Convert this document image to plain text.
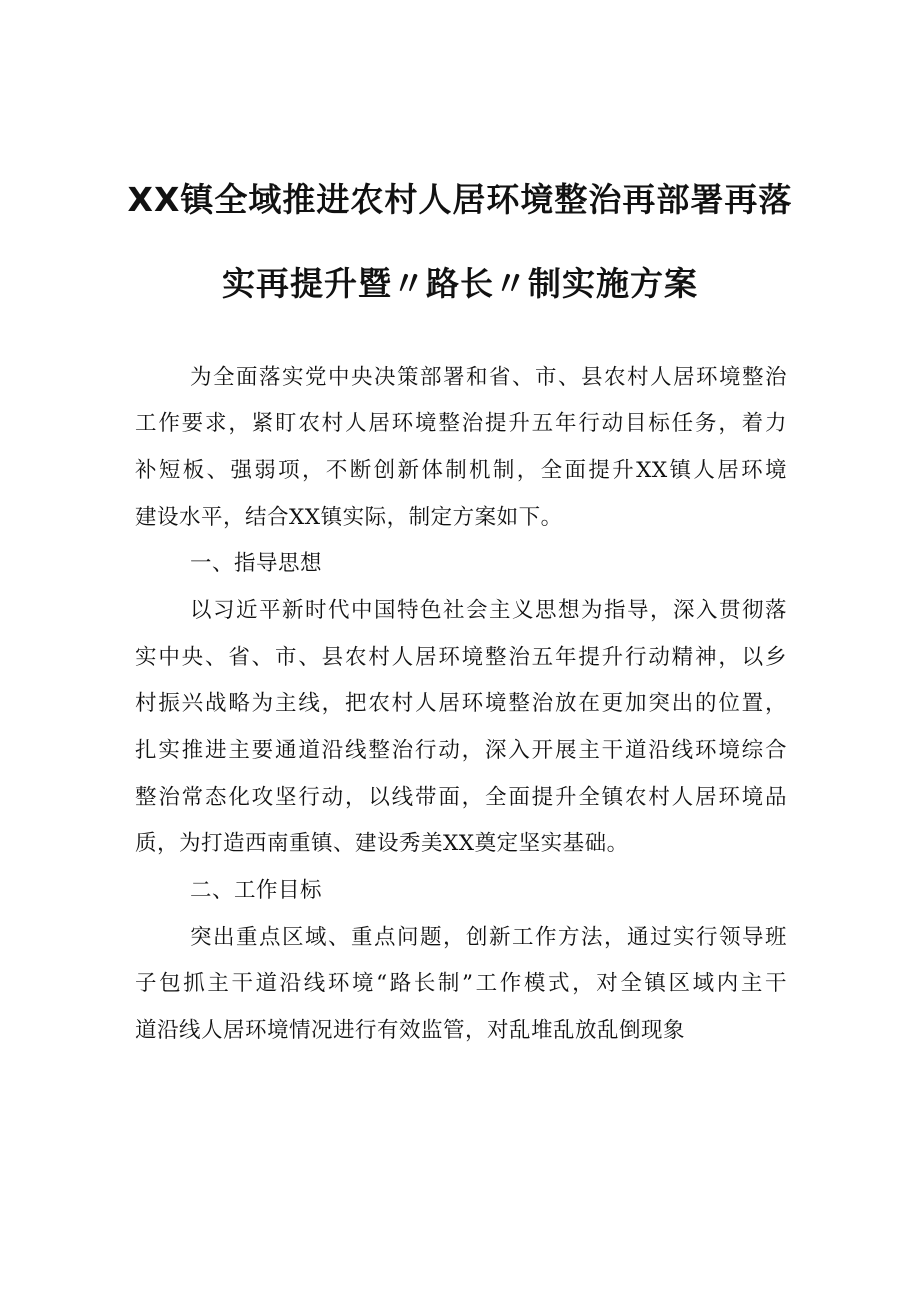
XX镇全域推进农村人居环境整治再部署再落
实再提升暨〃路长〃制实施方案

为全面落实党中央决策部署和省、市、县农村人居环境整治

工作要求，紧盯农村人居环境整治提升五年行动目标任务，着力

补短板、强弱项，不断创新体制机制，全面提升XX镇人居环境

建设水平，结合XX镇实际，制定方案如下。

一、指导思想

以习近平新时代中国特色社会主义思想为指导，深入贯彻落

实中央、省、市、县农村人居环境整治五年提升行动精神，以乡

村振兴战略为主线，把农村人居环境整治放在更加突出的位置，

扎实推进主要通道沿线整治行动，深入开展主干道沿线环境综合

整治常态化攻坚行动，以线带面，全面提升全镇农村人居环境品

质，为打造西南重镇、建设秀美XX奠定坚实基础。

二、工作目标

突出重点区域、重点问题，创新工作方法，通过实行领导班

子包抓主干道沿线环境“路长制”工作模式，对全镇区域内主干

道沿线人居环境情况进行有效监管，对乱堆乱放乱倒现象
